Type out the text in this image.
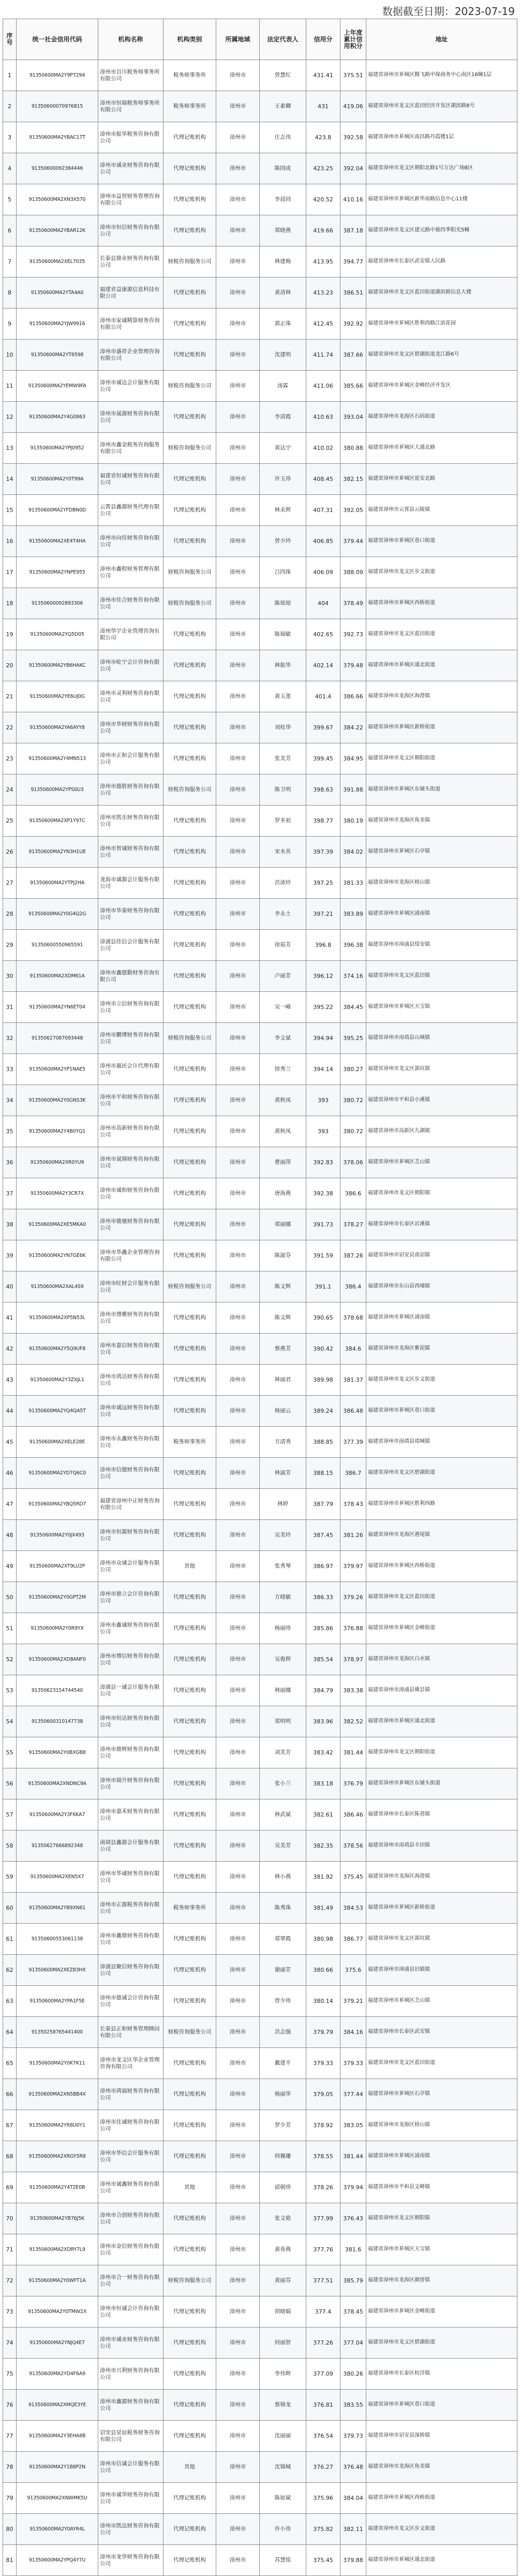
数据截至日期：2023-07-19
序号	统一社会信用代码	机构名称	机构类别	所属地域	法定代表人	信用分	上年度累计信用积分	地址
1	91350600MA2Y9P7294	漳州市百川税务师事务所有限公司	税务师事务所	漳州市	曾慧红	431.41	375.51	福建省漳州市芗城区腾飞路中保商务中心南区16幢1层
2	91350600070976815	漳州市恒瑞税务师事务所有限公司	税务师事务所	漳州市	王素卿	431	419.06	福建省漳州市龙文区蓝田经济开发区湖滨路8号
3	91350600MA2YBAC17T	漳州市振华税务咨询有限公司	代理记账机构	漳州市	庄志伟	423.8	392.58	福建省漳州市芗城区南昌路丹霞楼1层
4	91350600092384446	漳州市诚业财务咨询有限公司	代理记账机构	漳州市	陈国成	423.25	392.04	福建省漳州市龙文区朝阳北路1号万达广场B区
5	91350600MA2XN3X570	漳州市益智财务管理咨询有限公司	代理记账机构	漳州市	李晨同	420.52	410.16	福建省漳州市芗城区新华南路信息中心11楼
6	91350600MA2YBAR12K	漳州市恒信财务咨询有限公司	代理记账机构	漳州市	郑晓燕	419.66	387.18	福建省漳州市龙文区建元路中骏四季阳光5幢
7	91350600MA2XEL7035	长泰县鼎业财务咨询有限公司	财税咨询服务公司	漳州市	林建梅	413.95	394.77	福建省漳州市长泰区武安镇人民路
8	91350600MA2YTA4A0	福建省益康源信息科技有限公司	代理记账机构	漳州市	黄清林	413.23	386.51	福建省漳州市龙文区蓝田街道湖滨路信息大楼
9	91350600MA2YJW9916	漳州市家诚精算财务咨询有限公司	代理记账机构	漳州市	郭正珠	412.45	392.92	福建省漳州市芗城区胜利西路江滨花园
10	91350600MA2YT6598	漳州市盛祥企业管理咨询有限公司	代理记账机构	漳州市	沈建明	411.74	387.66	福建省漳州市龙文区碧湖街道龙江路6号
11	91350600MA2YEMW9FA	漳州市诚达会计服务有限公司	财税咨询服务公司	漳州市	汤霖	411.06	385.66	福建省漳州市芗城区金峰经济开发区
12	91350600MA2Y4G0863	漳州市晟源财务咨询有限公司	代理记账机构	漳州市	李清霞	410.63	393.04	福建省漳州市龙海区石码街道
13	91350600MA2YPJ0952	漳州市鑫金税务咨询服务有限公司	财税咨询服务公司	漳州市	黄达宁	410.02	380.88	福建省漳州市芗城区大通北路
14	91350600MA2Y0T99A	福建省恒诚财务咨询有限公司	代理记账机构	漳州市	许玉珍	408.45	382.15	福建省漳州市芗城区延安北路
15	91350600MA2YFDBN0D	云霄县鑫源财务代理有限公司	代理记账机构	漳州市	林永辉	407.31	392.05	福建省漳州市云霄县云陵镇
16	91350600MA2XE4T4HA	漳州市向佳财务咨询有限公司	代理记账机构	漳州市	曾少玲	406.85	379.44	福建省漳州市芗城区巷口街道
17	91350600MA2YNPE955	漳州市鑫程财务管理有限公司	财税咨询服务公司	漳州市	吕四珠	406.09	388.09	福建省漳州市龙文区步文街道
18	91350600092893306	漳州市佳合财务咨询有限公司	财税咨询服务公司	漳州市	陈琼琼	404	378.49	福建省漳州市芗城区西桥街道
19	91350600MA2YQ5D05	漳州华宇企业管理咨询有限公司	代理记账机构	漳州市	陈瑞敏	402.65	392.73	福建省漳州市龙文区蓝田街道
20	91350600MA2YB6HAKC	漳州市屹宁会计咨询有限公司	代理记账机构	漳州市	林振华	402.14	379.48	福建省漳州市芗城区通北街道
21	91350600MA2YE6UJ0G	漳州市灵利财务咨询有限公司	代理记账机构	漳州市	黄玉莲	401.4	386.66	福建省漳州市龙海区海澄镇
22	91350600MA2YA6AYY8	漳州市华财财务咨询有限公司	代理记账机构	漳州市	刘桂华	399.67	384.22	福建省漳州市芗城区新桥街道
23	91350600MA2Y4MN513	漳州市正和会计服务有限公司	代理记账机构	漳州市	张美芳	399.45	384.95	福建省漳州市龙文区朝阳街道
24	91350600MA2YPS0U3	漳州市德胜财务咨询有限公司	财税咨询服务公司	漳州市	陈卫明	398.63	391.88	福建省漳州市芗城区东铺头街道
25	91350600MA2XP1Y97C	漳州市凯乐财务咨询有限公司	代理记账机构	漳州市	罗多祖	398.77	380.19	福建省漳州市龙海区角美镇
26	91350600MA2YN3H1UE	漳州市智诚财务咨询有限公司	代理记账机构	漳州市	宋水英	397.39	384.02	福建省漳州市芗城区石亭镇
27	91350600MA2YTPJ2HA	龙海市诚源会计服务有限公司	代理记账机构	漳州市	洪沛玲	397.25	381.33	福建省漳州市龙海区榜山镇
28	91350600MA2Y0G4Q2G	漳州市华泰财务咨询有限公司	代理记账机构	漳州市	李永土	397.21	383.89	福建省漳州市芗城区浦南镇
29	91350600550965591	漳浦县佳信会计服务有限公司	代理记账机构	漳州市	徐茹芳	396.8	396.38	福建省漳州市漳浦县绥安镇
30	91350600MA2XDM61A	漳州市鑫德勤财务咨询有限公司	代理记账机构	漳州市	卢丽芳	396.12	374.16	福建省漳州市龙文区蓝田镇
31	91350600MA2YN6ET04	漳州市立信财务咨询有限公司	代理记账机构	漳州市	吴一峰	395.22	384.45	福建省漳州市芗城区天宝镇
32	91350627087093448	漳州市鹏博财务咨询有限公司	财税咨询服务公司	漳州市	李文斌	394.94	395.25	福建省漳州市南靖县山城镇
33	91350600MA2YP1NAE5	漳州市惠民会计代理有限公司	代理记账机构	漳州市	徐秀兰	394.14	380.27	福建省漳州市龙文区郭坑镇
34	91350600MA2Y0GNS3K	漳州市平和财务咨询有限公司	代理记账机构	漳州市	黄秋凤	393	380.72	福建省漳州市平和县小溪镇
35	91350600MA2Y4B0YQ1	漳州市高新财务咨询有限公司	代理记账机构	漳州市	黄秋凤	393	380.72	福建省漳州市高新区九湖镇
36	91350600MA2XR0YU9	漳州市晟锦财务咨询有限公司	代理记账机构	漳州市	曹丽萍	392.83	378.06	福建省漳州市芗城区芝山镇
37	91350600MA2Y3CR7X	漳州市诚和财务咨询有限公司	代理记账机构	漳州市	唐海燕	392.38	386.6	福建省漳州市龙文区朝阳镇
38	91350600MA2XE5MKA0	漳州市骏驰财务咨询有限公司	代理记账机构	漳州市	郑丽娜	391.73	378.27	福建省漳州市长泰区岩溪镇
39	91350600MA2YN7GE6K	漳州市华鑫企业管理咨询有限公司	代理记账机构	漳州市	陈淑芬	391.59	387.26	福建省漳州市诏安县南诏镇
40	91350600MA2XAL4S9	漳州市旺财会计服务有限公司	财税咨询服务公司	漳州市	陈文辉	391.1	386.4	福建省漳州市东山县西埔镇
41	91350600MA2XP5N53L	漳州市博雅财务咨询有限公司	代理记账机构	漳州市	陈文辉	390.65	378.68	福建省漳州市芗城区浦南镇
42	91350600MA2Y5Q9UF8	漳州市嘉信财务咨询有限公司	代理记账机构	漳州市	蔡燕芳	390.42	384.6	福建省漳州市龙海区紫泥镇
43	91350600MA2Y3ZXJL1	漳州市鸿达财务咨询有限公司	代理记账机构	漳州市	林丽君	389.98	381.37	福建省漳州市龙文区步文街道
44	91350600MA2YQ4QA5T	漳州市诚远财务咨询有限公司	代理记账机构	漳州市	杨丽云	389.24	386.48	福建省漳州市芗城区巷口街道
45	91350600MA2XELE28E	漳州市永鑫财务咨询有限公司	税务师事务所	漳州市	方清秀	388.85	377.39	福建省漳州市南靖县靖城镇
46	91350600MA2YD7Q6C0	漳州市信德财务咨询有限公司	代理记账机构	漳州市	林淑芳	388.15	386.7	福建省漳州市龙文区碧湖街道
47	91350600MA2YBQ5RD7	福建省漳州中正财务咨询有限公司	代理记账机构	漳州市	林婷	387.79	378.43	福建省漳州市芗城区胜利西路
48	91350600MA2Y0JX493	漳州市恒源财务咨询有限公司	代理记账机构	漳州市	吴美玲	387.45	381.26	福建省漳州市龙海区港尾镇
49	91350600MA2XT9LU2P	漳州市众诚会计服务有限公司	其他	漳州市	张秀琴	386.97	379.97	福建省漳州市芗城区西桥街道
50	91350600MA2Y0GPT2M	漳州市鼎立会计咨询有限公司	代理记账机构	漳州市	方晓敏	386.33	379.26	福建省漳州市龙文区蓝田街道
51	91350600MA2Y0R9YX	漳州市鑫诚财务咨询有限公司	代理记账机构	漳州市	杨丽珍	385.86	376.88	福建省漳州市芗城区金峰街道
52	91350600MA2XD8ANF0	漳州市博信财务咨询有限公司	代理记账机构	漳州市	吴俊辉	385.54	378.97	福建省漳州市龙海区白水镇
53	91350623154744540	漳浦县一诚会计服务有限公司	代理记账机构	漳州市	林丽娜	384.79	383.38	福建省漳州市漳浦县佛昙镇
54	91350600310147738	漳州市恒达财务咨询有限公司	代理记账机构	漳州市	郑明明	383.96	382.52	福建省漳州市芗城区通北街道
55	91350600MA2Y0BXGB8	漳州市鼎辉财务咨询有限公司	代理记账机构	漳州市	刘美芳	383.42	381.44	福建省漳州市龙文区朝阳街道
56	91350600MA2XNDNC9A	漳州市瑞升财务咨询有限公司	代理记账机构	漳州市	张小兰	383.18	376.79	福建省漳州市芗城区东铺头街道
57	91350600MA2Y3F6KA7	漳州市嘉禾财务咨询有限公司	代理记账机构	漳州市	林武斌	382.61	386.46	福建省漳州市长泰区陈巷镇
58	91350627666892348	南靖县鑫源会计服务有限公司	代理记账机构	漳州市	吴美芳	382.35	378.56	福建省漳州市南靖县丰田镇
59	91350600MA2XEN5X7	漳州市华诚财务咨询有限公司	代理记账机构	漳州市	林小燕	381.92	375.45	福建省漳州市龙海区海澄镇
60	91350600MA2YB9XN61	漳州市正源税务咨询有限公司	税务师事务所	漳州市	陈秀珠	381.49	384.53	福建省漳州市芗城区新桥街道
61	91350600553061138	漳州市鑫鼎财务咨询有限公司	代理记账机构	漳州市	郑翠霞	380.98	386.77	福建省漳州市龙文区郭坑镇
62	91350600MA2XEZ83HX	漳浦县聚信财务咨询有限公司	代理记账机构	漳州市	谢丽芳	380.66	375.6	福建省漳州市漳浦县旧镇镇
63	91350600MA2YPA1F5E	漳州市德诚会计咨询有限公司	代理记账机构	漳州市	曾少珍	380.14	379.21	福建省漳州市芗城区芝山镇
64	91350258765441400	长泰县正和财务管理顾问有限公司	财税咨询服务公司	漳州市	洪志强	379.79	384.16	福建省漳州市长泰区武安镇
65	91350600MA2Y0K7K11	漳州市龙文区华企业管理咨询有限公司	代理记账机构	漳州市	戴建平	379.33	379.33	福建省漳州市龙文区蓝田街道
66	91350600MA2XN5BB4X	漳州市鸿福财务咨询有限公司	代理记账机构	漳州市	杨丽华	379.05	377.44	福建省漳州市芗城区石亭镇
67	91350600MA2YR8U0Y1	漳州市佳诚财务咨询有限公司	代理记账机构	漳州市	罗少芳	378.92	383.05	福建省漳州市龙海区榜山镇
68	91350600MA2XRGY5R8	漳州市华信会计服务有限公司	代理记账机构	漳州市	何佩珊	378.55	381.44	福建省漳州市芗城区浦南镇
69	91350600MA2Y4T2E0B	漳州市诚鑫财务咨询有限公司	其他	漳州市	邱朝珍	378.26	379.94	福建省漳州市平和县文峰镇
70	91350600MA2YB76J5K	漳州市合创财务咨询有限公司	代理记账机构	漳州市	张文艳	377.99	376.43	福建省漳州市龙文区朝阳镇
71	91350600MA2XDRY7L9	漳州市金信财务咨询有限公司	代理记账机构	漳州市	黄春燕	377.76	381.6	福建省漳州市芗城区天宝镇
72	91350600MA2Y0WFT1A	漳州市合一财务咨询有限公司	财税咨询服务公司	漳州市	黄丽芬	377.51	385.79	福建省漳州市龙海区颜厝镇
73	91350600MA2Y0TMW2X	漳州市恒诚会计咨询有限公司	代理记账机构	漳州市	胡晓娟	377.4	378.45	福建省漳州市芗城区金峰街道
74	91350600MA2YNJQ4E7	漳州市诚业财务咨询有限公司	代理记账机构	漳州市	何丽智	377.26	377.04	福建省漳州市龙文区碧湖街道
75	91350600MA2YD4F6A9	漳州市兴利财务咨询有限公司	代理记账机构	漳州市	李伟辉	377.09	380.26	福建省漳州市长泰区枋洋镇
76	91350600MA2XMQE3YE	漳州市鑫源财务咨询有限公司	代理记账机构	漳州市	蔡锦龙	376.81	383.55	福建省漳州市芗城区巷口街道
77	91350600MA2Y3EHA8B	诏安县星辰税务财务咨询有限公司	代理记账机构	漳州市	沈丽丽	376.54	379.73	福建省漳州市诏安县深桥镇
78	91350600MA2Y1B8P2N	漳州市信诚会计服务有限公司	其他	漳州市	沈锦城	376.27	376.48	福建省漳州市龙海区角美镇
79	91350600MA2XNWMK5U	漳州市诚华财务咨询有限公司	代理记账机构	漳州市	陈如斌	375.96	384.04	福建省漳州市芗城区西桥街道
80	91350600MA2Y0AYR4L	漳州市凯达财务咨询有限公司	代理记账机构	漳州市	许小珍	375.82	382.11	福建省漳州市龙文区步文街道
81	91350600MA2YPQ4Y7U	漳州市龙华财务咨询有限公司	代理记账机构	漳州市	苏慧铭	375.45	379.88	福建省漳州市芗城区通北街道
